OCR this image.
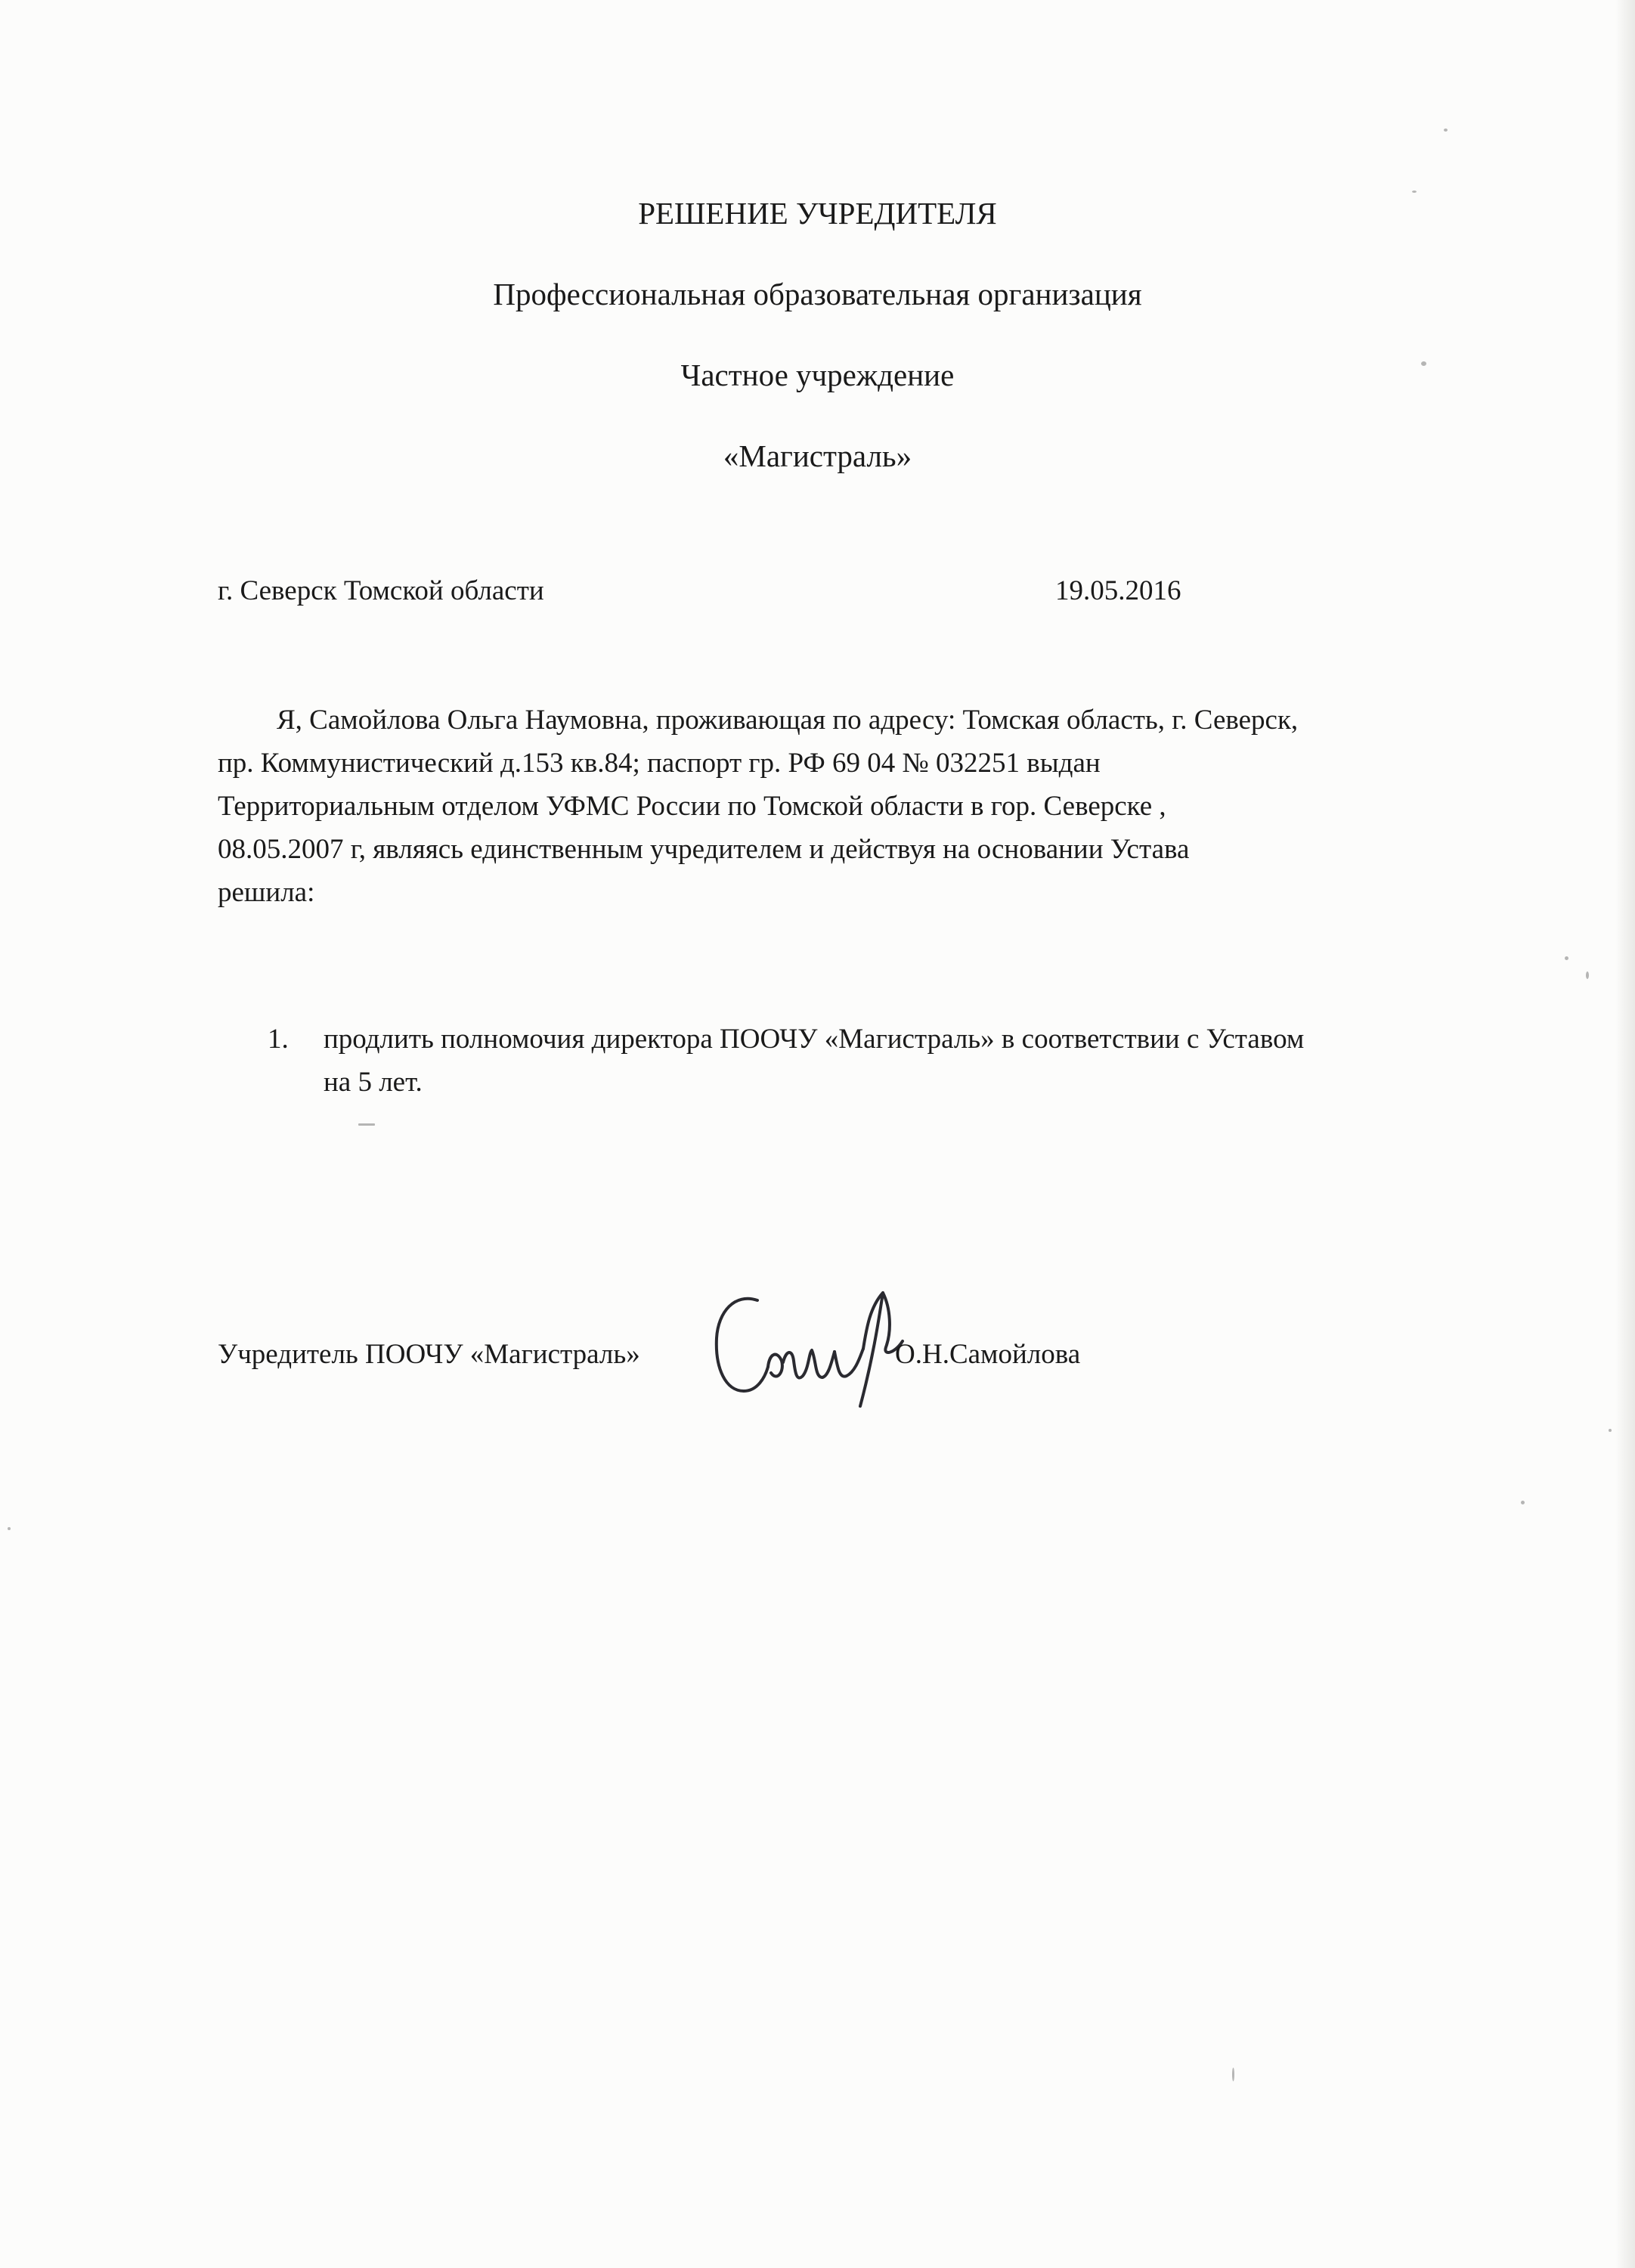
РЕШЕНИЕ УЧРЕДИТЕЛЯ
Профессиональная образовательная организация
Частное учреждение
«Магистраль»
г. Северск Томской области	19.05.2016
Я, Самойлова Ольга Наумовна, проживающая по адресу: Томская область, г. Северск,
пр. Коммунистический д.153 кв.84; паспорт гр. РФ 69 04 № 032251 выдан
Территориальным отделом УФМС России по Томской области в гор. Северске ,
08.05.2007 г, являясь единственным учредителем и действуя на основании Устава
решила:
1. продлить полномочия директора ПООЧУ «Магистраль» в соответствии с Уставом
на 5 лет.
Учредитель ПООЧУ «Магистраль»	О.Н.Самойлова
